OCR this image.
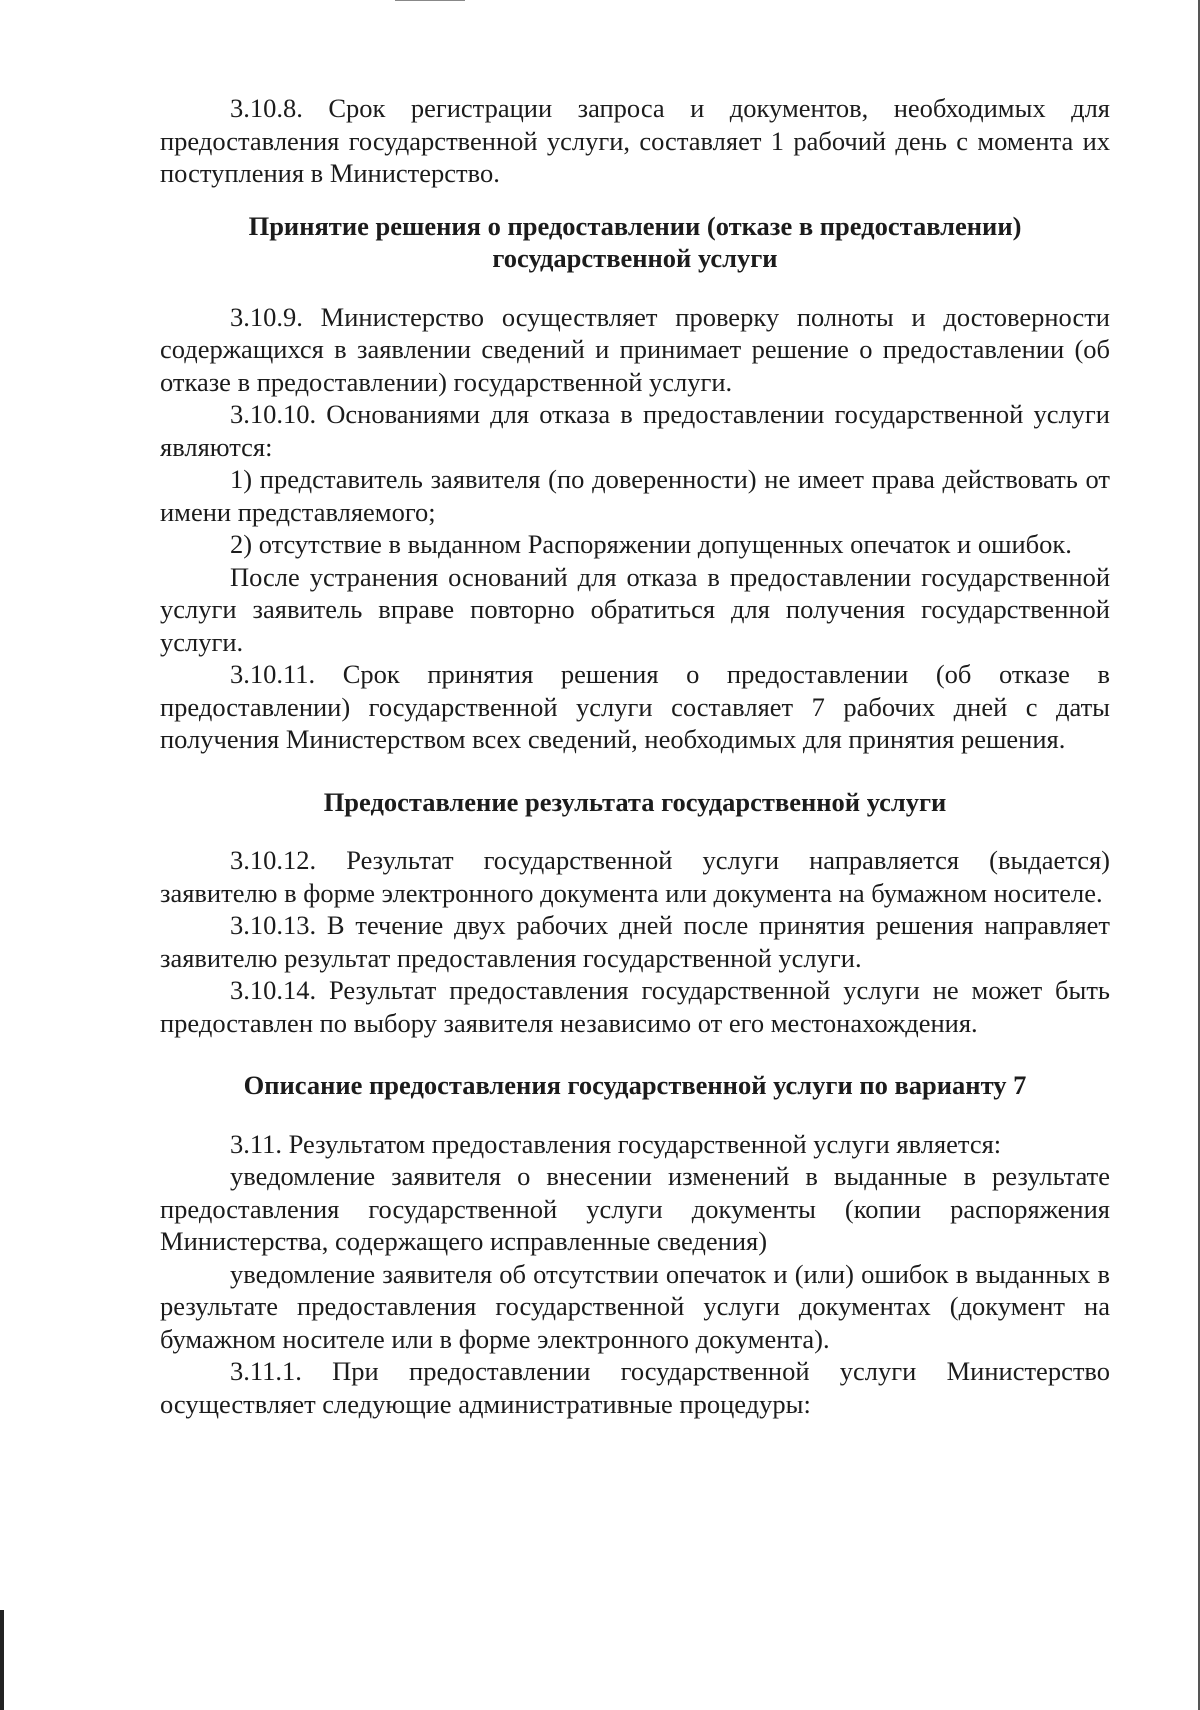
3.10.8. Срок регистрации запроса и документов, необходимых для предоставления государственной услуги, составляет 1 рабочий день с момента их поступления в Министерство.

Принятие решения о предоставлении (отказе в предоставлении)

государственной услуги

3.10.9. Министерство осуществляет проверку полноты и достоверности содержащихся в заявлении сведений и принимает решение о предоставлении (об отказе в предоставлении) государственной услуги.

3.10.10. Основаниями для отказа в предоставлении государственной услуги являются:

1) представитель заявителя (по доверенности) не имеет права действовать от имени представляемого;

2) отсутствие в выданном Распоряжении допущенных опечаток и ошибок.

После устранения оснований для отказа в предоставлении государственной услуги заявитель вправе повторно обратиться для получения государственной услуги.

3.10.11. Срок принятия решения о предоставлении (об отказе в предоставлении) государственной услуги составляет 7 рабочих дней с даты получения Министерством всех сведений, необходимых для принятия решения.

Предоставление результата государственной услуги

3.10.12. Результат государственной услуги направляется (выдается) заявителю в форме электронного документа или документа на бумажном носителе.

3.10.13. В течение двух рабочих дней после принятия решения направляет заявителю результат предоставления государственной услуги.

3.10.14. Результат предоставления государственной услуги не может быть предоставлен по выбору заявителя независимо от его местонахождения.

Описание предоставления государственной услуги по варианту 7

3.11. Результатом предоставления государственной услуги является:

уведомление заявителя о внесении изменений в выданные в результате предоставления государственной услуги документы (копии распоряжения Министерства, содержащего исправленные сведения)

уведомление заявителя об отсутствии опечаток и (или) ошибок в выданных в результате предоставления государственной услуги документах (документ на бумажном носителе или в форме электронного документа).

3.11.1. При предоставлении государственной услуги Министерство осуществляет следующие административные процедуры:
